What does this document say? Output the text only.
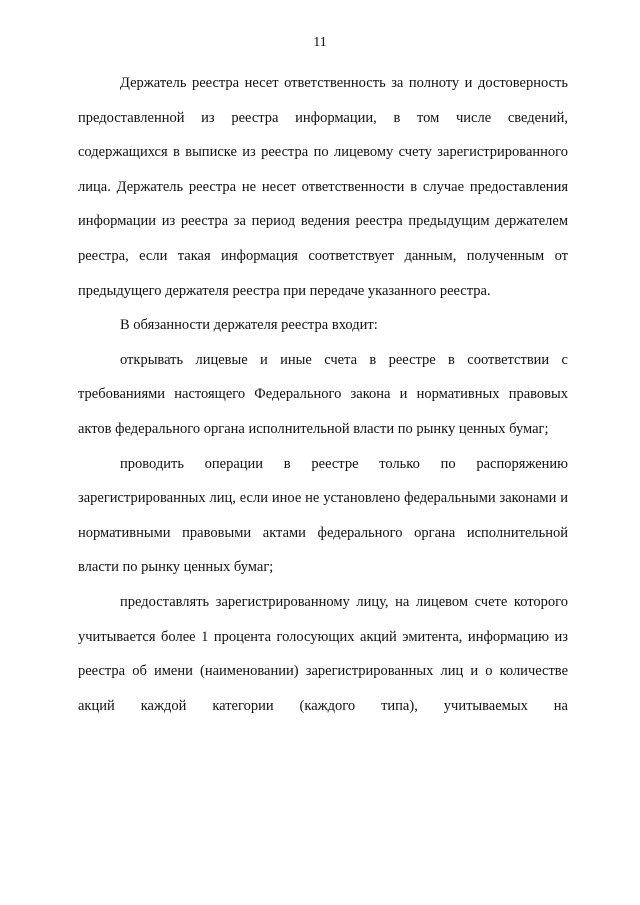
11

Держатель реестра несет ответственность за полноту и достоверность предоставленной из реестра информации, в том числе сведений, содержащихся в выписке из реестра по лицевому счету зарегистрированного лица. Держатель реестра не несет ответственности в случае предоставления информации из реестра за период ведения реестра предыдущим держателем реестра, если такая информация соответствует данным, полученным от предыдущего держателя реестра при передаче указанного реестра.

В обязанности держателя реестра входит:

открывать лицевые и иные счета в реестре в соответствии с требованиями настоящего Федерального закона и нормативных правовых актов федерального органа исполнительной власти по рынку ценных бумаг;

проводить операции в реестре только по распоряжению зарегистрированных лиц, если иное не установлено федеральными законами и нормативными правовыми актами федерального органа исполнительной власти по рынку ценных бумаг;

предоставлять зарегистрированному лицу, на лицевом счете которого учитывается более 1 процента голосующих акций эмитента, информацию из реестра об имени (наименовании) зарегистрированных лиц и о количестве акций каждой категории (каждого типа), учитываемых на
